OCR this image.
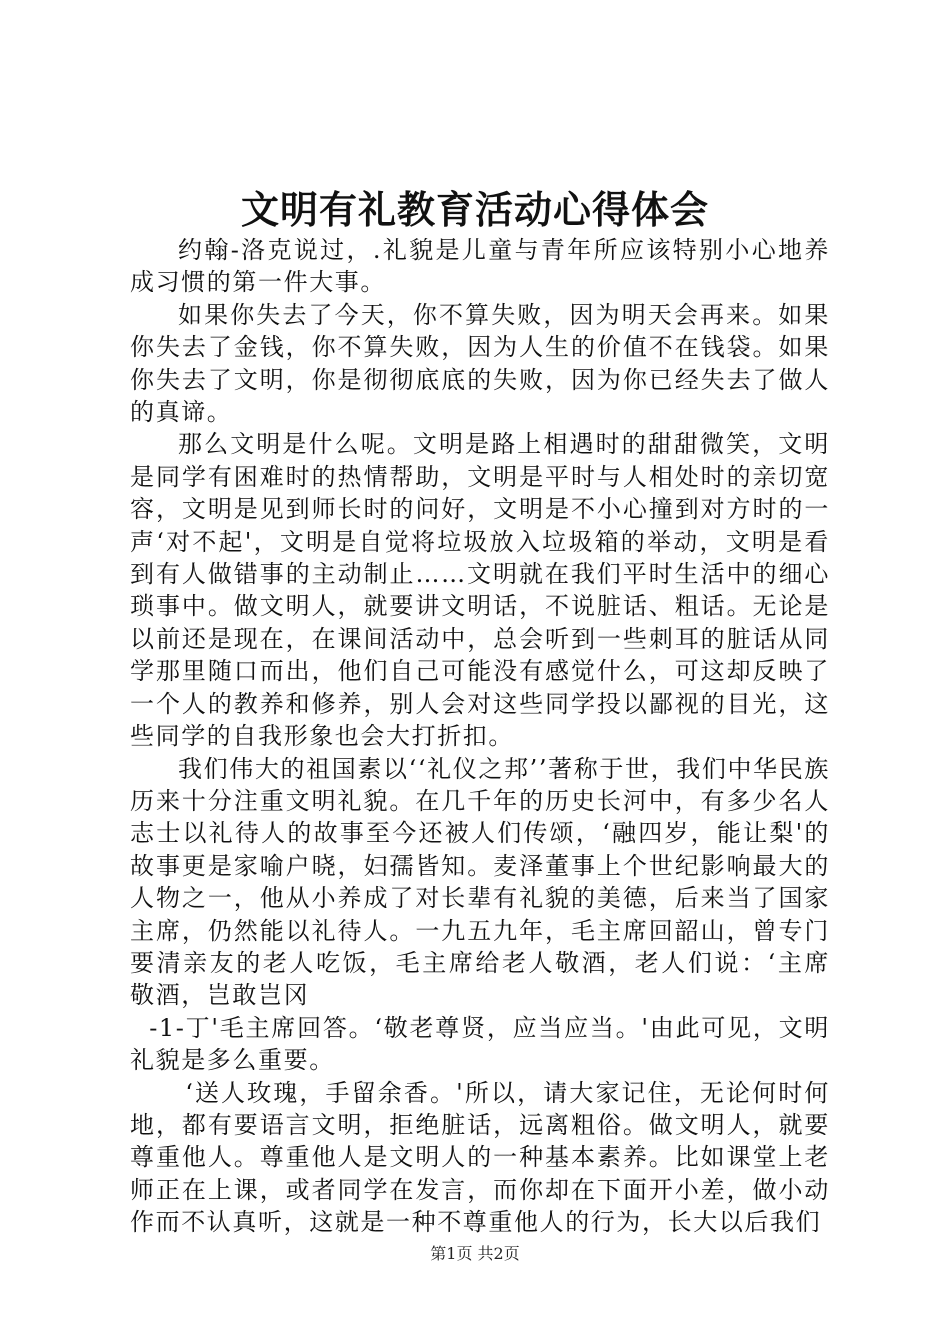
文明有礼教育活动心得体会

约翰-洛克说过，.礼貌是儿童与青年所应该特别小心地养成习惯的第一件大事。

如果你失去了今天，你不算失败，因为明天会再来。如果你失去了金钱，你不算失败，因为人生的价值不在钱袋。如果你失去了文明，你是彻彻底底的失败，因为你已经失去了做人的真谛。

那么文明是什么呢。文明是路上相遇时的甜甜微笑，文明是同学有困难时的热情帮助，文明是平时与人相处时的亲切宽容，文明是见到师长时的问好，文明是不小心撞到对方时的一声‘对不起'，文明是自觉将垃圾放入垃圾箱的举动，文明是看到有人做错事的主动制止……文明就在我们平时生活中的细心琐事中。做文明人，就要讲文明话，不说脏话、粗话。无论是以前还是现在，在课间活动中，总会听到一些刺耳的脏话从同学那里随口而出，他们自己可能没有感觉什么，可这却反映了一个人的教养和修养，别人会对这些同学投以鄙视的目光，这些同学的自我形象也会大打折扣。

我们伟大的祖国素以‘‘礼仪之邦’’著称于世，我们中华民族历来十分注重文明礼貌。在几千年的历史长河中，有多少名人志士以礼待人的故事至今还被人们传颂，‘融四岁，能让梨'的故事更是家喻户晓，妇孺皆知。麦泽董事上个世纪影响最大的人物之一，他从小养成了对长辈有礼貌的美德，后来当了国家主席，仍然能以礼待人。一九五九年，毛主席回韶山，曾专门要清亲友的老人吃饭，毛主席给老人敬酒，老人们说：‘主席敬酒，岂敢岂冈

-1-丁'毛主席回答。‘敬老尊贤，应当应当。'由此可见，文明礼貌是多么重要。

‘送人玫瑰，手留余香。'所以，请大家记住，无论何时何地，都有要语言文明，拒绝脏话，远离粗俗。做文明人，就要尊重他人。尊重他人是文明人的一种基本素养。比如课堂上老师正在上课，或者同学在发言，而你却在下面开小差，做小动作而不认真听，这就是一种不尊重他人的行为，长大以后我们

第1页 共2页
